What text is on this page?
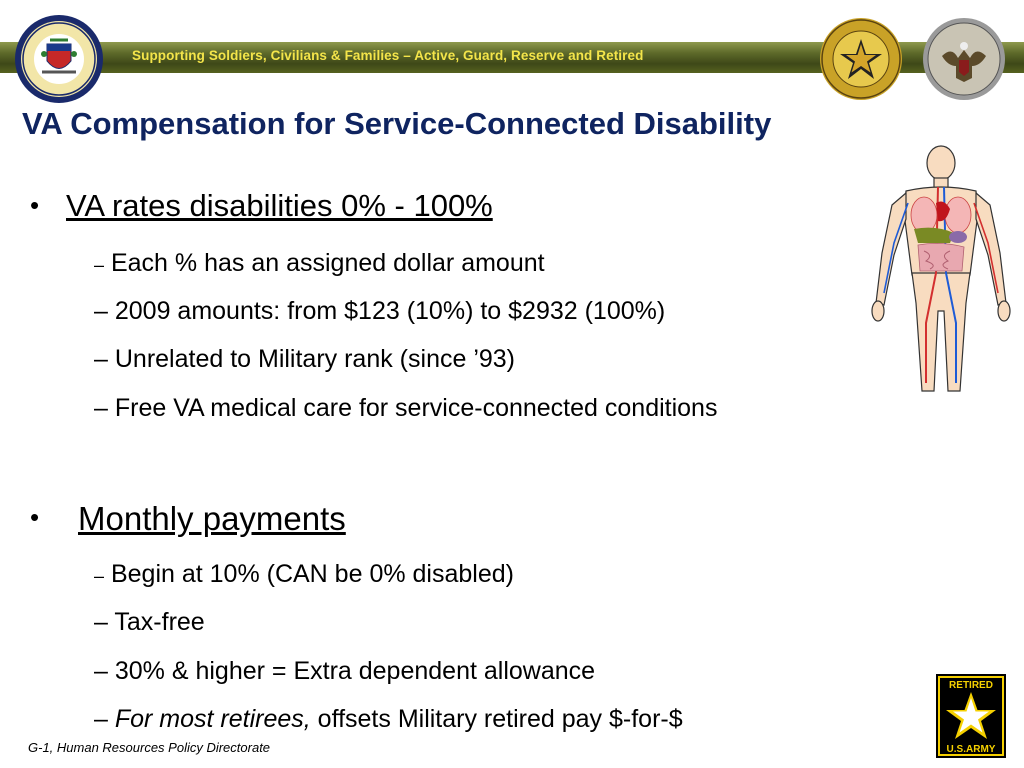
Supporting Soldiers, Civilians & Families – Active, Guard, Reserve and Retired
VA Compensation for Service-Connected Disability
• VA rates disabilities 0% - 100%
– Each % has an assigned dollar amount
– 2009 amounts: from $123 (10%) to $2932 (100%)
– Unrelated to Military rank (since ’93)
– Free VA medical care for service-connected conditions
• Monthly payments
– Begin at 10% (CAN be 0% disabled)
– Tax-free
– 30% & higher = Extra dependent allowance
– For most retirees, offsets Military retired pay $-for-$
G-1, Human Resources Policy Directorate
RETIRED
U.S.ARMY
